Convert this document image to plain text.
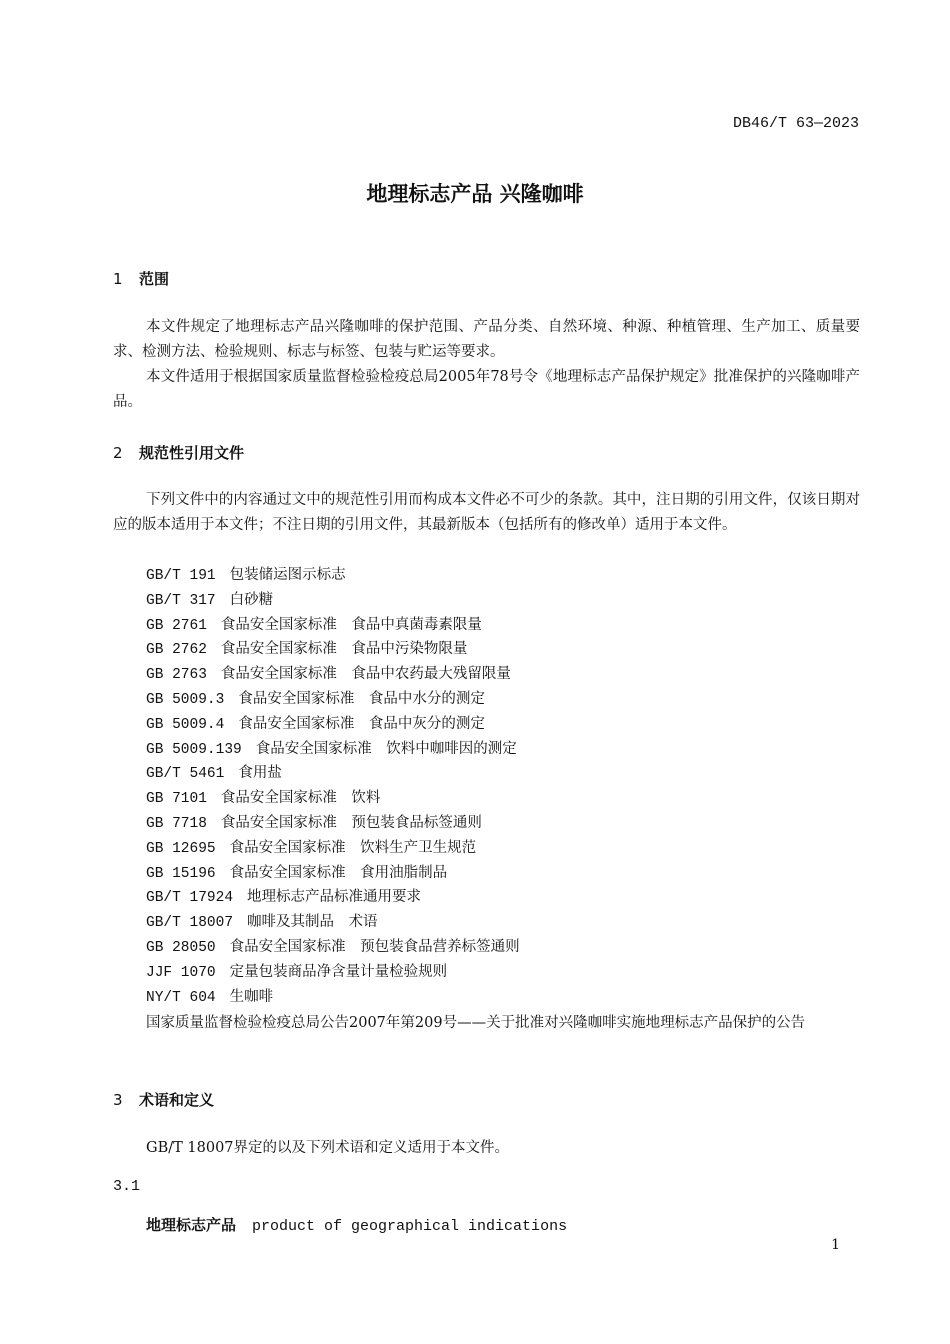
DB46/T 63—2023
地理标志产品 兴隆咖啡
1 范围
本文件规定了地理标志产品兴隆咖啡的保护范围、产品分类、自然环境、种源、种植管理、生产加工、质量要求、检测方法、检验规则、标志与标签、包装与贮运等要求。
本文件适用于根据国家质量监督检验检疫总局2005年78号令《地理标志产品保护规定》批准保护的兴隆咖啡产品。
2 规范性引用文件
下列文件中的内容通过文中的规范性引用而构成本文件必不可少的条款。其中，注日期的引用文件，仅该日期对应的版本适用于本文件；不注日期的引用文件，其最新版本（包括所有的修改单）适用于本文件。
GB/T 191 包装储运图示标志
GB/T 317 白砂糖
GB 2761 食品安全国家标准　食品中真菌毒素限量
GB 2762 食品安全国家标准　食品中污染物限量
GB 2763 食品安全国家标准　食品中农药最大残留限量
GB 5009.3 食品安全国家标准　食品中水分的测定
GB 5009.4 食品安全国家标准　食品中灰分的测定
GB 5009.139 食品安全国家标准　饮料中咖啡因的测定
GB/T 5461 食用盐
GB 7101 食品安全国家标准　饮料
GB 7718 食品安全国家标准　预包装食品标签通则
GB 12695 食品安全国家标准　饮料生产卫生规范
GB 15196 食品安全国家标准　食用油脂制品
GB/T 17924 地理标志产品标准通用要求
GB/T 18007 咖啡及其制品　术语
GB 28050 食品安全国家标准　预包装食品营养标签通则
JJF 1070 定量包装商品净含量计量检验规则
NY/T 604 生咖啡
国家质量监督检验检疫总局公告2007年第209号——关于批准对兴隆咖啡实施地理标志产品保护的公告
3 术语和定义
GB/T 18007界定的以及下列术语和定义适用于本文件。
3.1
地理标志产品 product of geographical indications
1
